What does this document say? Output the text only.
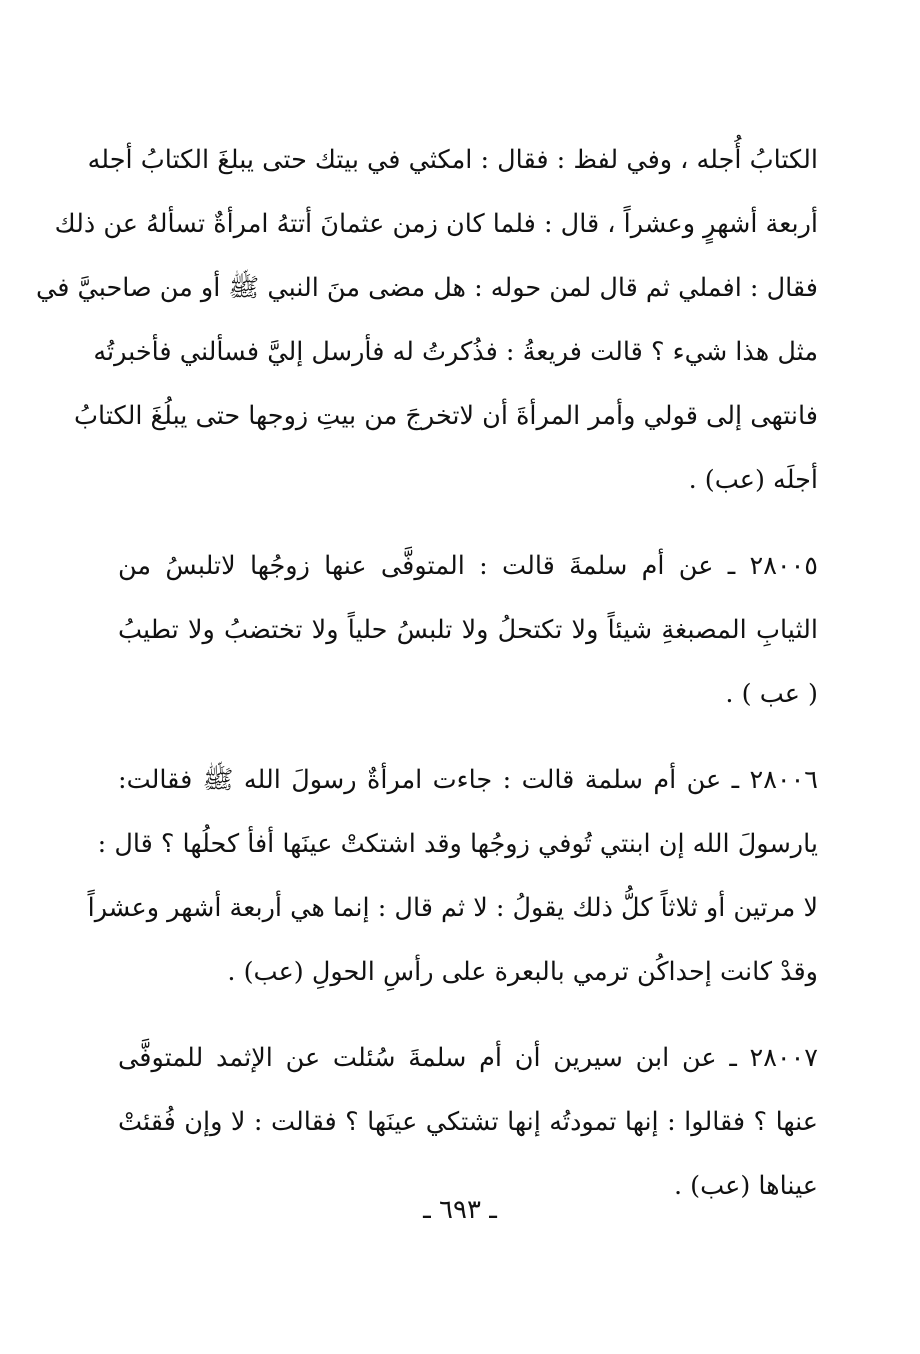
الكتابُ أُجله ، وفي لفظ : فقال : امكثي في بيتك حتى يبلغَ الكتابُ أجله
أربعة أشهرٍ وعشراً ، قال : فلما كان زمن عثمانَ أتتهُ امرأةٌ تسألهُ عن ذلك
فقال : افملي ثم قال لمن حوله : هل مضى منَ النبي ﷺ أو من صاحبيَّ في
مثل هذا شيء ؟ قالت فريعةُ : فذُكرتُ له فأرسل إليَّ فسألني فأخبرتُه
فانتهى إلى قولي وأمر المرأةَ أن لاتخرجَ من بيتِ زوجها حتى يبلُغَ الكتابُ
أجلَه (عب) .
٢٨٠٠٥ ـ عن أم سلمةَ قالت : المتوفَّى عنها زوجُها لاتلبسُ من
الثيابِ المصبغةِ شيئاً ولا تكتحلُ ولا تلبسُ حلياً ولا تختضبُ ولا تطيبُ
( عب ) .
٢٨٠٠٦ ـ عن أم سلمة قالت : جاءت امرأةٌ رسولَ الله ﷺ فقالت:
يارسولَ الله إن ابنتي تُوفي زوجُها وقد اشتكتْ عينَها أفأ كحلُها ؟ قال :
لا مرتين أو ثلاثاً كلُّ ذلك يقولُ : لا ثم قال : إنما هي أربعة أشهر وعشراً
وقدْ كانت إحداكُن ترمي بالبعرة على رأسِ الحولِ (عب) .
٢٨٠٠٧ ـ عن ابن سيرين أن أم سلمةَ سُئلت عن الإثمد للمتوفَّى
عنها ؟ فقالوا : إنها تمودتُه إنها تشتكي عينَها ؟ فقالت : لا وإن فُقئتْ
عيناها (عب) .
ـ ٦٩٣ ـ
